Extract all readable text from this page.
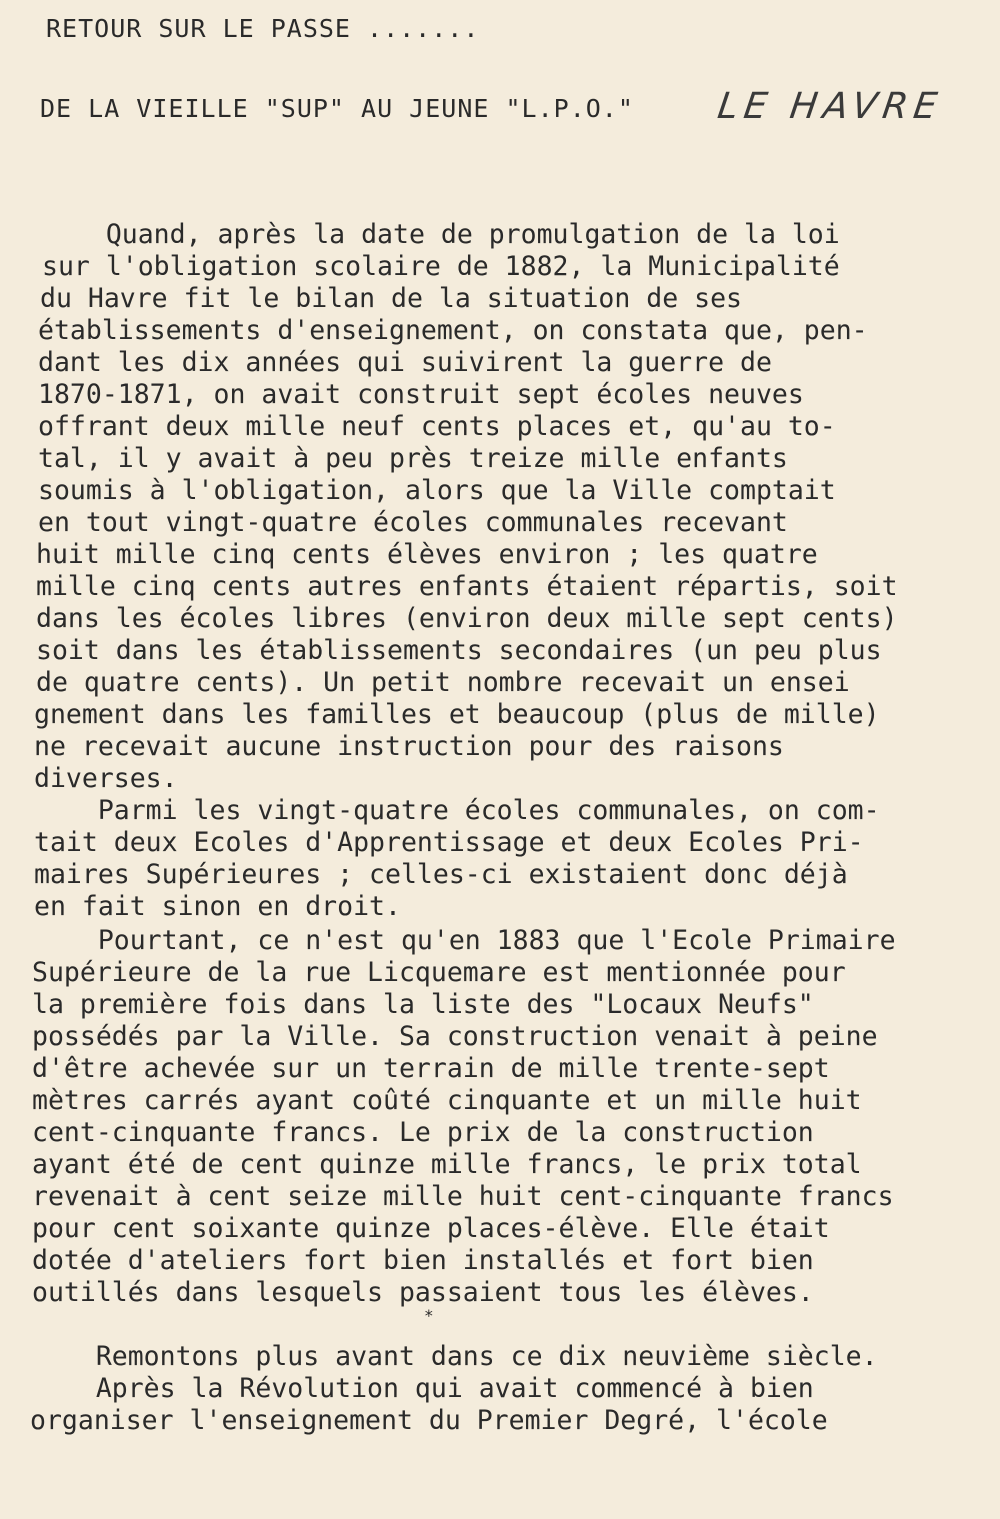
RETOUR SUR LE PASSE .......
DE LA VIEILLE "SUP" AU JEUNE "L.P.O." LE HAVRE
Quand, après la date de promulgation de la loi
sur l'obligation scolaire de 1882, la Municipalité
du Havre fit le bilan de la situation de ses
établissements d'enseignement, on constata que, pen-
dant les dix années qui suivirent la guerre de
1870-1871, on avait construit sept écoles neuves
offrant deux mille neuf cents places et, qu'au to-
tal, il y avait à peu près treize mille enfants
soumis à l'obligation, alors que la Ville comptait
en tout vingt-quatre écoles communales recevant
huit mille cinq cents élèves environ ; les quatre
mille cinq cents autres enfants étaient répartis, soit
dans les écoles libres (environ deux mille sept cents)
soit dans les établissements secondaires (un peu plus
de quatre cents). Un petit nombre recevait un ensei
gnement dans les familles et beaucoup (plus de mille)
ne recevait aucune instruction pour des raisons
diverses.
Parmi les vingt-quatre écoles communales, on com-
tait deux Ecoles d'Apprentissage et deux Ecoles Pri-
maires Supérieures ; celles-ci existaient donc déjà
en fait sinon en droit.
Pourtant, ce n'est qu'en 1883 que l'Ecole Primaire
Supérieure de la rue Licquemare est mentionnée pour
la première fois dans la liste des "Locaux Neufs"
possédés par la Ville. Sa construction venait à peine
d'être achevée sur un terrain de mille trente-sept
mètres carrés ayant coûté cinquante et un mille huit
cent-cinquante francs. Le prix de la construction
ayant été de cent quinze mille francs, le prix total
revenait à cent seize mille huit cent-cinquante francs
pour cent soixante quinze places-élève. Elle était
dotée d'ateliers fort bien installés et fort bien
outillés dans lesquels passaient tous les élèves.
*
Remontons plus avant dans ce dix neuvième siècle.
Après la Révolution qui avait commencé à bien
organiser l'enseignement du Premier Degré, l'école
